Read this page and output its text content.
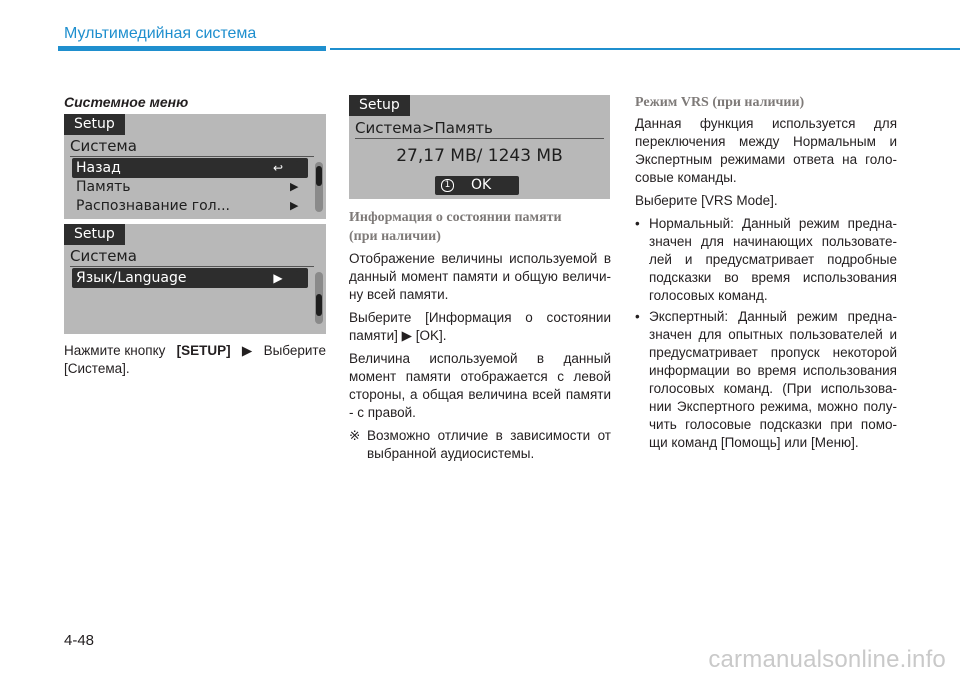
Мультимедийная система
Системное меню
Setup
Система
Назад	↩
Память	▶
Распознавание гол...	▶
Setup
Система
Язык/Language	▶

Нажмите кнопку [SETUP] ▶ Выберите

[Система].

Setup
Система>Память
27,17 MB/ 1243 MB
1 OK
Информация о состоянии памяти
(при наличии)

Отображение величины используемой в данный момент памяти и общую величи-ну всей памяти.

Выберите [Информация о состоянии памяти] ▶ [OK].

Величина используемой в данный момент памяти отображается с левой стороны, а общая величина всей памяти - с правой.

※ Возможно отличие в зависимости от выбранной аудиосистемы.

Режим VRS (при наличии)

Данная функция используется для переключения между Нормальным и Экспертным режимами ответа на голо-совые команды.

Выберите [VRS Mode].

• Нормальный: Данный режим предна-значен для начинающих пользовате-лей и предусматривает подробные подсказки во время использования голосовых команд.
• Экспертный: Данный режим предна-значен для опытных пользователей и предусматривает пропуск некоторой информации во время использования голосовых команд. (При использова-нии Экспертного режима, можно полу-чить голосовые подсказки при помо-щи команд [Помощь] или [Меню].
4-48
carmanualsonline.info
